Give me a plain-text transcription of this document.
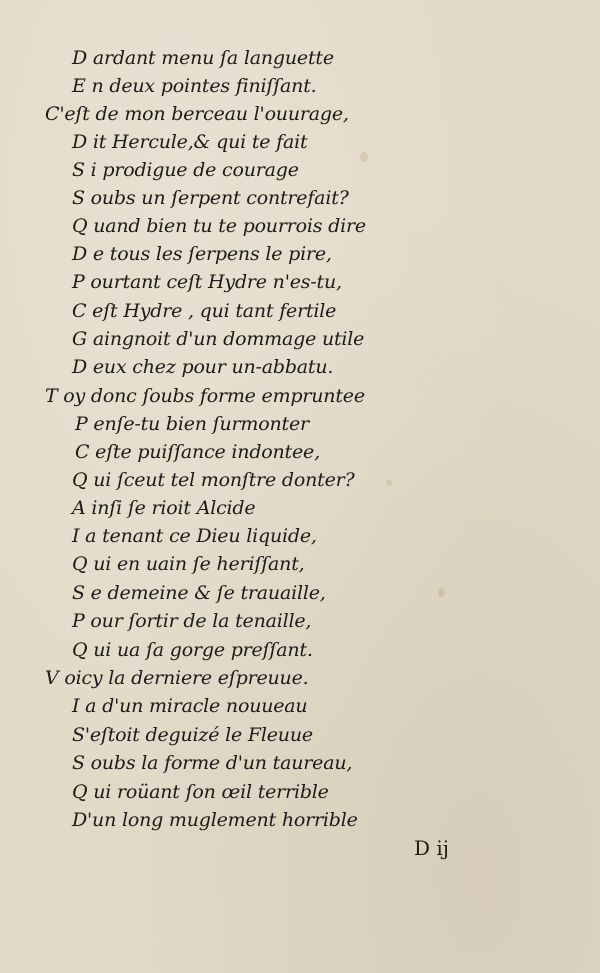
D ardant menu ſa languette
E n deux pointes finiſſant.
C'eſt de mon berceau l'ouurage,
D it Hercule,& qui te fait
S i prodigue de courage
S oubs un ſerpent contrefait?
Q uand bien tu te pourrois dire
D e tous les ſerpens le pire,
P ourtant ceſt Hydre n'es-tu,
C eſt Hydre , qui tant fertile
G aingnoit d'un dommage utile
D eux chez pour un-abbatu.
T oy donc ſoubs forme empruntee
P enſe-tu bien ſurmonter
C eſte puiſſance indontee,
Q ui ſceut tel monſtre donter?
A inſi ſe rioit Alcide
I a tenant ce Dieu liquide,
Q ui en uain ſe heriſſant,
S e demeine & ſe trauaille,
P our ſortir de la tenaille,
Q ui ua ſa gorge preſſant.
V oicy la derniere eſpreuue.
I a d'un miracle nouueau
S'eſtoit deguizé le Fleuue
S oubs la forme d'un taureau,
Q ui roüant ſon œil terrible
D'un long muglement horrible
D ij
